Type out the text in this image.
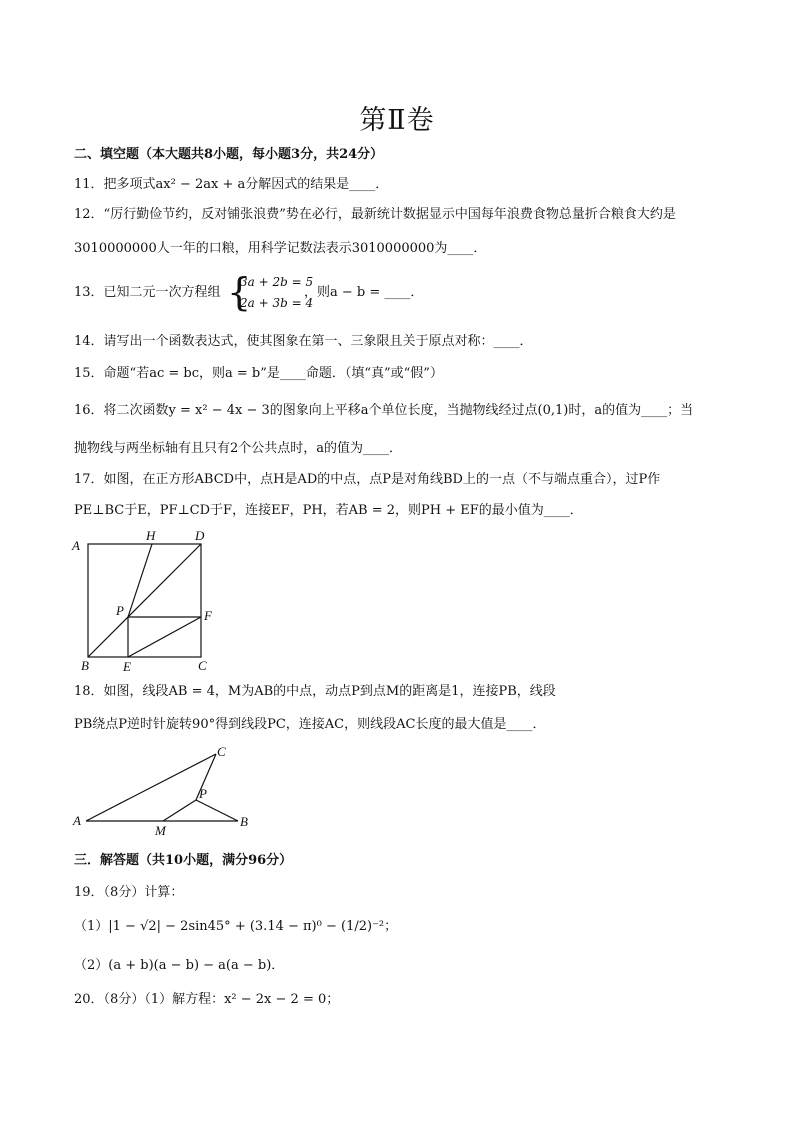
第Ⅱ卷
二、填空题（本大题共8小题，每小题3分，共24分）
11．把多项式ax² − 2ax + a分解因式的结果是____．
12．“厉行勤俭节约，反对铺张浪费”势在必行，最新统计数据显示中国每年浪费食物总量折合粮食大约是
3010000000人一年的口粮，用科学记数法表示3010000000为____．
13．已知二元一次方程组 {
3a + 2b = 5
2a + 3b = 4
，则a − b = ____．
14．请写出一个函数表达式，使其图象在第一、三象限且关于原点对称：____．
15．命题“若ac = bc，则a = b”是____命题．（填“真”或“假”）
16．将二次函数y = x² − 4x − 3的图象向上平移a个单位长度，当抛物线经过点(0,1)时，a的值为____；当
抛物线与两坐标轴有且只有2个公共点时，a的值为____．
17．如图，在正方形ABCD中，点H是AD的中点，点P是对角线BD上的一点（不与端点重合），过P作
PE⊥BC于E，PF⊥CD于F，连接EF，PH，若AB = 2，则PH + EF的最小值为____．
A
H	D
P	F
B	E	C
18．如图，线段AB = 4，M为AB的中点，动点P到点M的距离是1，连接PB，线段
PB绕点P逆时针旋转90°得到线段PC，连接AC，则线段AC长度的最大值是____．
C
P
A
M
B
三．解答题（共10小题，满分96分）
19．（8分）计算：
（1）|1 − √2| − 2sin45° + (3.14 − π)⁰ − (1/2)⁻²；
（2）(a + b)(a − b) − a(a − b)．
20．（8分）（1）解方程：x² − 2x − 2 = 0；
